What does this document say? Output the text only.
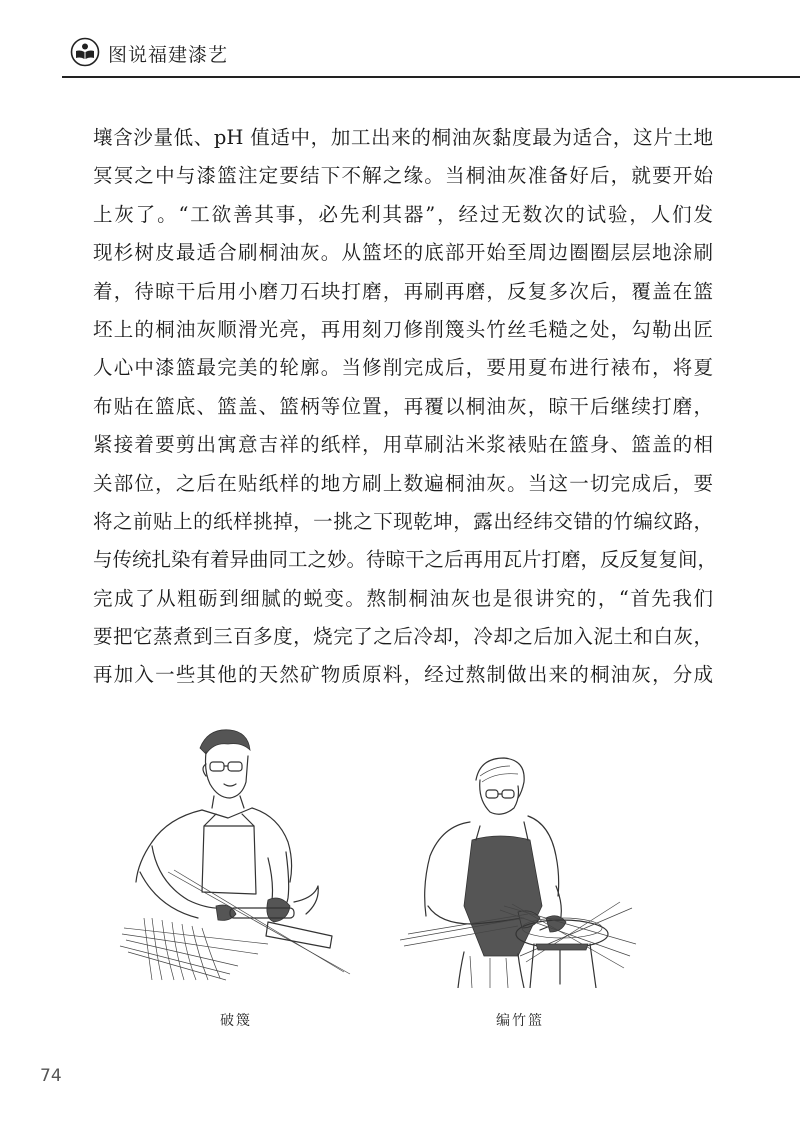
图说福建漆艺
壤含沙量低、pH 值适中，加工出来的桐油灰黏度最为适合，这片土地
冥冥之中与漆篮注定要结下不解之缘。当桐油灰准备好后，就要开始
上灰了。“工欲善其事，必先利其器”，经过无数次的试验，人们发
现杉树皮最适合刷桐油灰。从篮坯的底部开始至周边圈圈层层地涂刷
着，待晾干后用小磨刀石块打磨，再刷再磨，反复多次后，覆盖在篮
坯上的桐油灰顺滑光亮，再用刻刀修削篾头竹丝毛糙之处，勾勒出匠
人心中漆篮最完美的轮廓。当修削完成后，要用夏布进行裱布，将夏
布贴在篮底、篮盖、篮柄等位置，再覆以桐油灰，晾干后继续打磨，
紧接着要剪出寓意吉祥的纸样，用草刷沾米浆裱贴在篮身、篮盖的相
关部位，之后在贴纸样的地方刷上数遍桐油灰。当这一切完成后，要
将之前贴上的纸样挑掉，一挑之下现乾坤，露出经纬交错的竹编纹路，
与传统扎染有着异曲同工之妙。待晾干之后再用瓦片打磨，反反复复间，
完成了从粗砺到细腻的蜕变。熬制桐油灰也是很讲究的，“首先我们
要把它蒸煮到三百多度，烧完了之后冷却，冷却之后加入泥土和白灰，
再加入一些其他的天然矿物质原料，经过熬制做出来的桐油灰，分成
破篾	编竹篮
74
